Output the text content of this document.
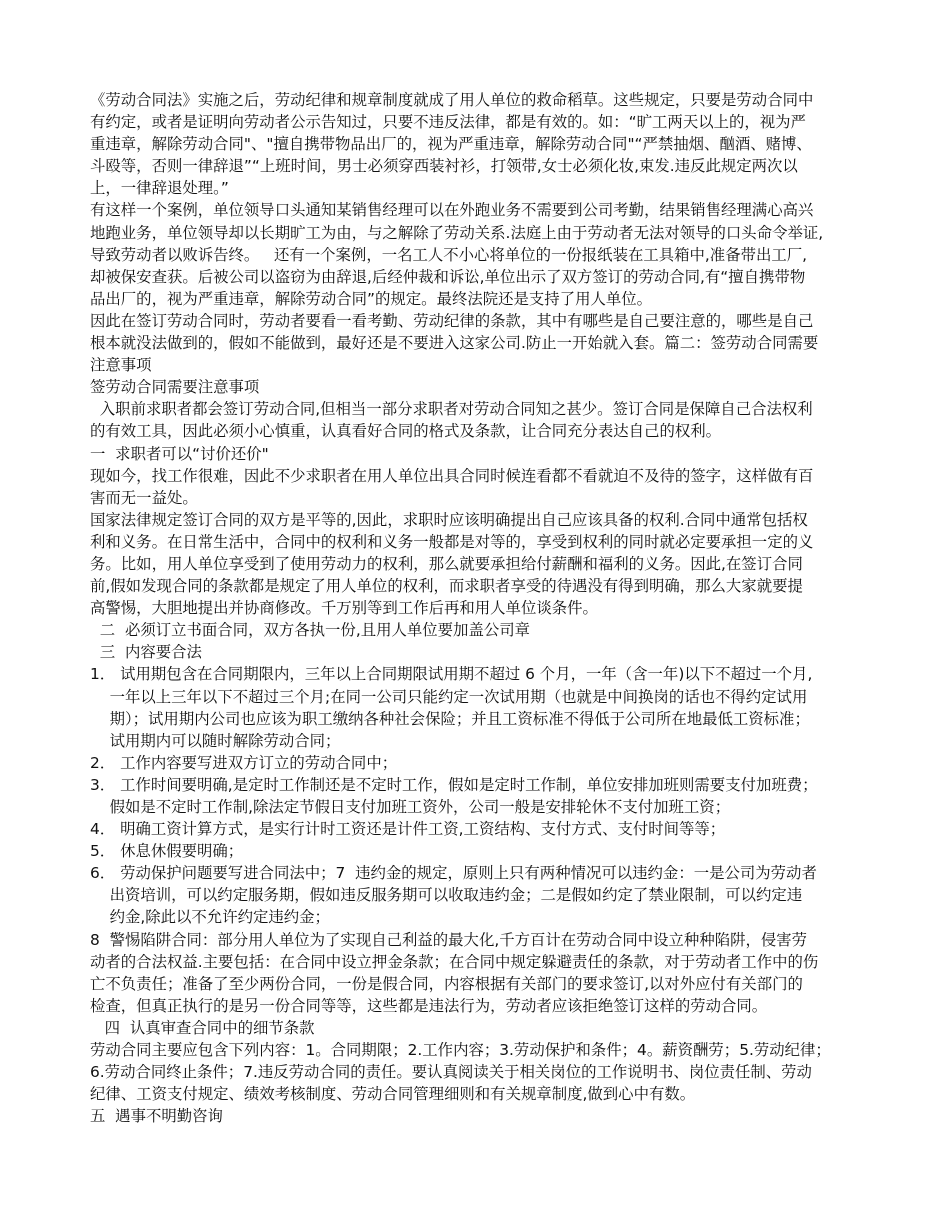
《劳动合同法》实施之后，劳动纪律和规章制度就成了用人单位的救命稻草。这些规定，只要是劳动合同中
有约定，或者是证明向劳动者公示告知过，只要不违反法律，都是有效的。如：“旷工两天以上的，视为严
重违章，解除劳动合同"、"擅自携带物品出厂的，视为严重违章，解除劳动合同"“严禁抽烟、酗酒、赌博、
斗殴等，否则一律辞退”“上班时间，男士必须穿西装衬衫，打领带,女士必须化妆,束发.违反此规定两次以
上，一律辞退处理。”
有这样一个案例，单位领导口头通知某销售经理可以在外跑业务不需要到公司考勤，结果销售经理满心高兴
地跑业务，单位领导却以长期旷工为由，与之解除了劳动关系.法庭上由于劳动者无法对领导的口头命令举证,
导致劳动者以败诉告终。   还有一个案例，一名工人不小心将单位的一份报纸装在工具箱中,准备带出工厂,
却被保安查获。后被公司以盗窃为由辞退,后经仲裁和诉讼,单位出示了双方签订的劳动合同,有“擅自携带物
品出厂的，视为严重违章，解除劳动合同”的规定。最终法院还是支持了用人单位。
因此在签订劳动合同时，劳动者要看一看考勤、劳动纪律的条款，其中有哪些是自己要注意的，哪些是自己
根本就没法做到的，假如不能做到，最好还是不要进入这家公司.防止一开始就入套。篇二：签劳动合同需要
注意事项
签劳动合同需要注意事项
入职前求职者都会签订劳动合同,但相当一部分求职者对劳动合同知之甚少。签订合同是保障自己合法权利
的有效工具，因此必须小心慎重，认真看好合同的格式及条款，让合同充分表达自己的权利。
一  求职者可以“讨价还价"
现如今，找工作很难，因此不少求职者在用人单位出具合同时候连看都不看就迫不及待的签字，这样做有百
害而无一益处。
国家法律规定签订合同的双方是平等的,因此，求职时应该明确提出自己应该具备的权利.合同中通常包括权
利和义务。在日常生活中，合同中的权利和义务一般都是对等的，享受到权利的同时就必定要承担一定的义
务。比如，用人单位享受到了使用劳动力的权利，那么就要承担给付薪酬和福利的义务。因此,在签订合同
前,假如发现合同的条款都是规定了用人单位的权利，而求职者享受的待遇没有得到明确，那么大家就要提
高警惕，大胆地提出并协商修改。千万别等到工作后再和用人单位谈条件。
二  必须订立书面合同，双方各执一份,且用人单位要加盖公司章
三  内容要合法
1． 试用期包含在合同期限内，三年以上合同期限试用期不超过 6 个月，一年（含一年)以下不超过一个月,
一年以上三年以下不超过三个月;在同一公司只能约定一次试用期（也就是中间换岗的话也不得约定试用
期）；试用期内公司也应该为职工缴纳各种社会保险；并且工资标准不得低于公司所在地最低工资标准；
试用期内可以随时解除劳动合同；
2． 工作内容要写进双方订立的劳动合同中；
3． 工作时间要明确,是定时工作制还是不定时工作，假如是定时工作制，单位安排加班则需要支付加班费；
假如是不定时工作制,除法定节假日支付加班工资外，公司一般是安排轮休不支付加班工资；
4． 明确工资计算方式，是实行计时工资还是计件工资,工资结构、支付方式、支付时间等等；
5． 休息休假要明确；
6． 劳动保护问题要写进合同法中；7  违约金的规定，原则上只有两种情况可以违约金：一是公司为劳动者
出资培训，可以约定服务期，假如违反服务期可以收取违约金；二是假如约定了禁业限制，可以约定违
约金,除此以不允许约定违约金；
8  警惕陷阱合同：部分用人单位为了实现自己利益的最大化,千方百计在劳动合同中设立种种陷阱，侵害劳
动者的合法权益.主要包括：在合同中设立押金条款；在合同中规定躲避责任的条款，对于劳动者工作中的伤
亡不负责任；准备了至少两份合同，一份是假合同，内容根据有关部门的要求签订,以对外应付有关部门的
检查，但真正执行的是另一份合同等等，这些都是违法行为，劳动者应该拒绝签订这样的劳动合同。
四  认真审查合同中的细节条款
劳动合同主要应包含下列内容：1。合同期限；2.工作内容；3.劳动保护和条件；4。薪资酬劳；5.劳动纪律；
6.劳动合同终止条件；7.违反劳动合同的责任。要认真阅读关于相关岗位的工作说明书、岗位责任制、劳动
纪律、工资支付规定、绩效考核制度、劳动合同管理细则和有关规章制度,做到心中有数。
五  遇事不明勤咨询
